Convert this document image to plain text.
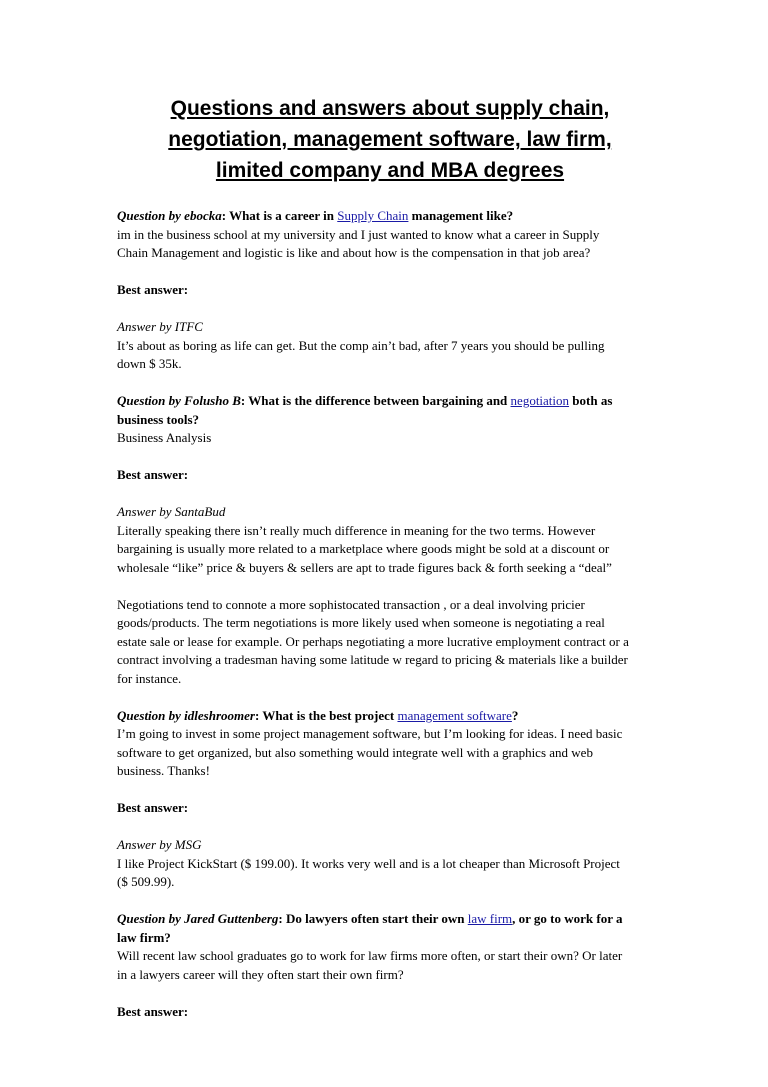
Questions and answers about supply chain,
negotiation, management software, law firm,
limited company and MBA degrees

Question by ebocka: What is a career in Supply Chain management like?

im in the business school at my university and I just wanted to know what a career in Supply

Chain Management and logistic is like and about how is the compensation in that job area?

Best answer:

Answer by ITFC

It’s about as boring as life can get. But the comp ain’t bad, after 7 years you should be pulling

down $ 35k.

Question by Folusho B: What is the difference between bargaining and negotiation both as

business tools?

Business Analysis

Best answer:

Answer by SantaBud

Literally speaking there isn’t really much difference in meaning for the two terms. However

bargaining is usually more related to a marketplace where goods might be sold at a discount or

wholesale “like” price & buyers & sellers are apt to trade figures back & forth seeking a “deal”

Negotiations tend to connote a more sophistocated transaction , or a deal involving pricier

goods/products. The term negotiations is more likely used when someone is negotiating a real

estate sale or lease for example. Or perhaps negotiating a more lucrative employment contract or a

contract involving a tradesman having some latitude w regard to pricing & materials like a builder

for instance.

Question by idleshroomer: What is the best project management software?

I’m going to invest in some project management software, but I’m looking for ideas. I need basic

software to get organized, but also something would integrate well with a graphics and web

business. Thanks!

Best answer:

Answer by MSG

I like Project KickStart ($ 199.00). It works very well and is a lot cheaper than Microsoft Project

($ 509.99).

Question by Jared Guttenberg: Do lawyers often start their own law firm, or go to work for a

law firm?

Will recent law school graduates go to work for law firms more often, or start their own? Or later

in a lawyers career will they often start their own firm?

Best answer:
